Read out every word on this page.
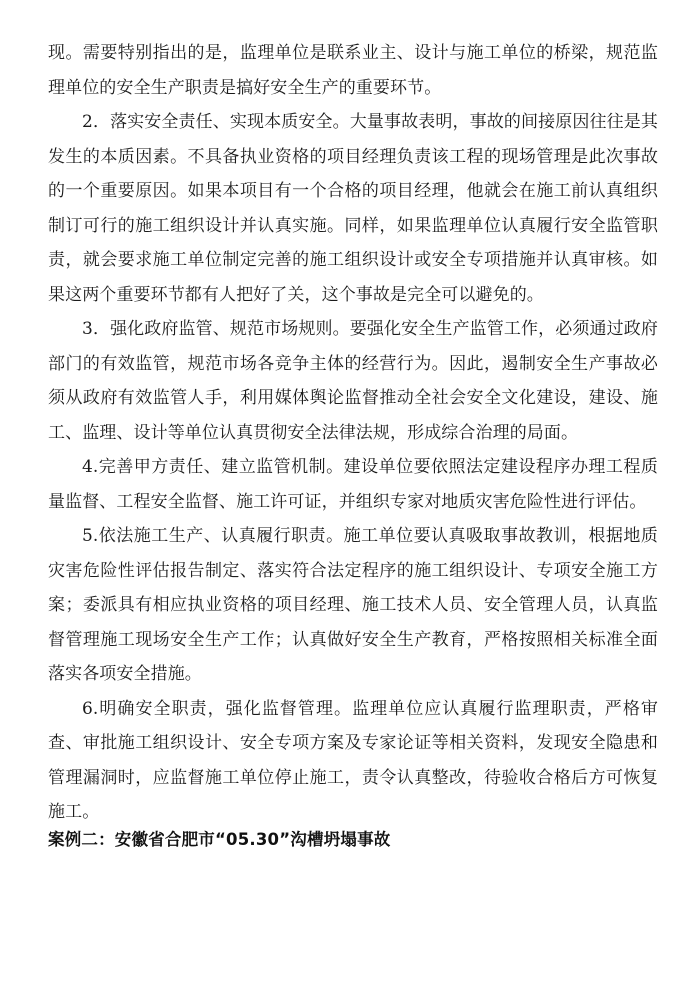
现。需要特别指出的是，监理单位是联系业主、设计与施工单位的桥梁，规范监理单位的安全生产职责是搞好安全生产的重要环节。

2．落实安全责任、实现本质安全。大量事故表明，事故的间接原因往往是其发生的本质因素。不具备执业资格的项目经理负责该工程的现场管理是此次事故的一个重要原因。如果本项目有一个合格的项目经理，他就会在施工前认真组织制订可行的施工组织设计并认真实施。同样，如果监理单位认真履行安全监管职责，就会要求施工单位制定完善的施工组织设计或安全专项措施并认真审核。如果这两个重要环节都有人把好了关，这个事故是完全可以避免的。

3．强化政府监管、规范市场规则。要强化安全生产监管工作，必须通过政府部门的有效监管，规范市场各竞争主体的经营行为。因此，遏制安全生产事故必须从政府有效监管人手，利用媒体舆论监督推动全社会安全文化建设，建设、施工、监理、设计等单位认真贯彻安全法律法规，形成综合治理的局面。

4.完善甲方责任、建立监管机制。建设单位要依照法定建设程序办理工程质量监督、工程安全监督、施工许可证，并组织专家对地质灾害危险性进行评估。

5.依法施工生产、认真履行职责。施工单位要认真吸取事故教训，根据地质灾害危险性评估报告制定、落实符合法定程序的施工组织设计、专项安全施工方案；委派具有相应执业资格的项目经理、施工技术人员、安全管理人员，认真监督管理施工现场安全生产工作；认真做好安全生产教育，严格按照相关标准全面落实各项安全措施。

6.明确安全职责，强化监督管理。监理单位应认真履行监理职责，严格审查、审批施工组织设计、安全专项方案及专家论证等相关资料，发现安全隐患和管理漏洞时，应监督施工单位停止施工，责令认真整改，待验收合格后方可恢复施工。

案例二：安徽省合肥市“05.30”沟槽坍塌事故
